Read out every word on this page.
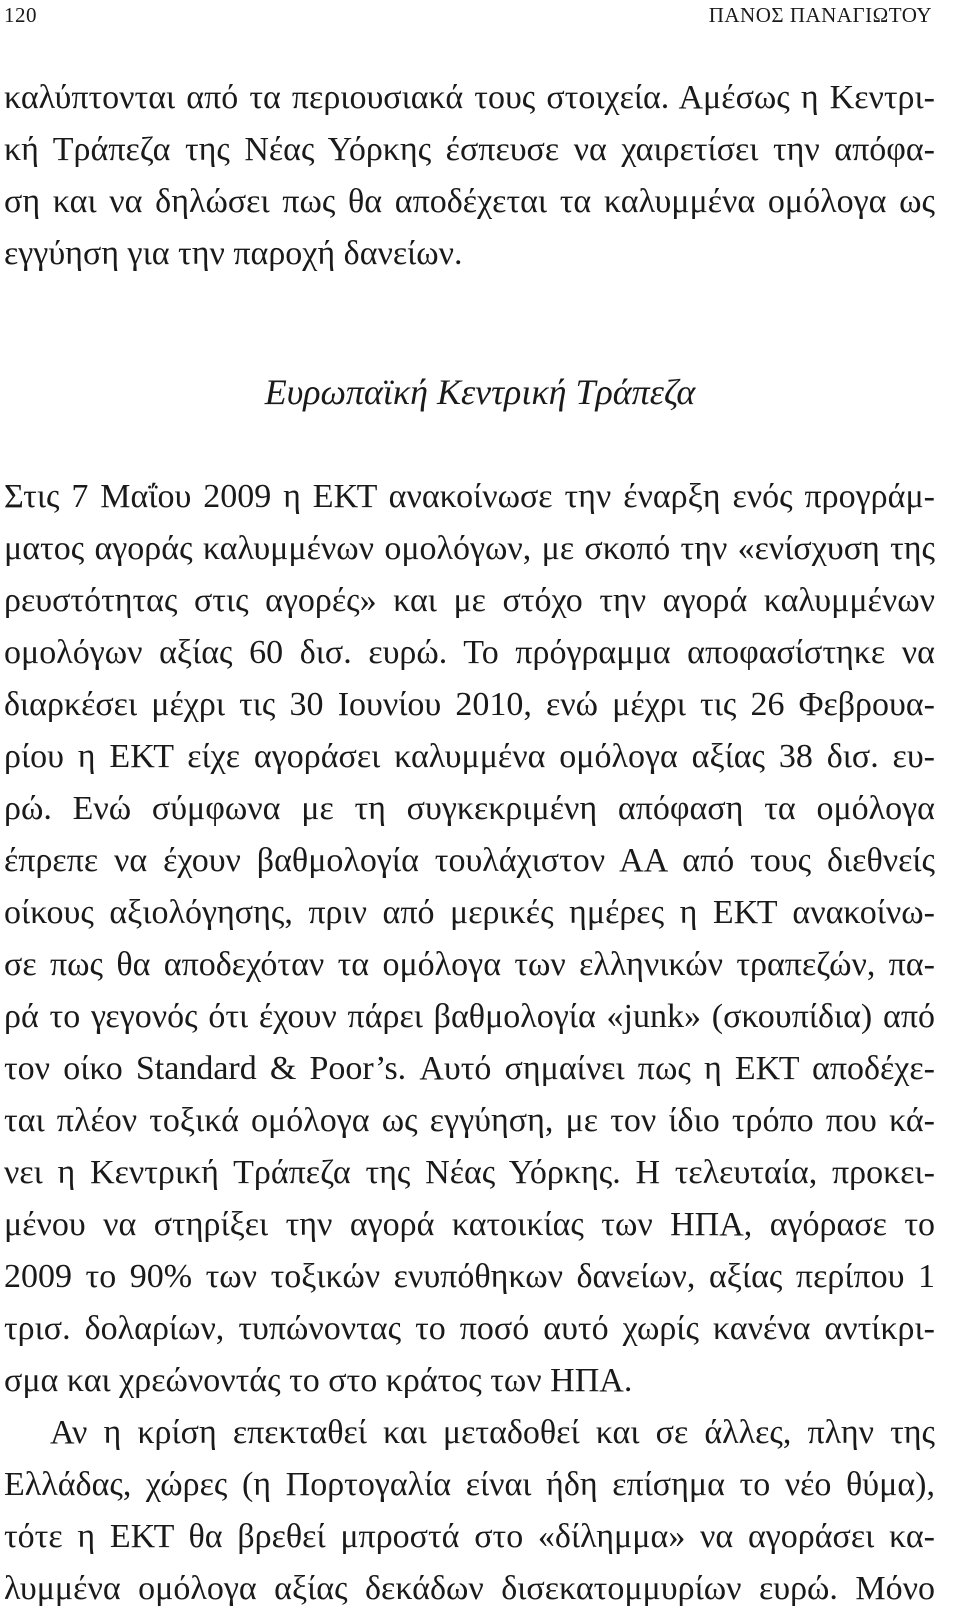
120	ΠΑΝΟΣ ΠΑΝΑΓΙΩΤΟΥ
καλύπτονται από τα περιουσιακά τους στοιχεία. Αμέσως η Κεντρι-
κή Τράπεζα της Νέας Υόρκης έσπευσε να χαιρετίσει την απόφα-
ση και να δηλώσει πως θα αποδέχεται τα καλυμμένα ομόλογα ως
εγγύηση για την παροχή δανείων.
Ευρωπαϊκή Κεντρική Τράπεζα
Στις 7 Μαΐου 2009 η ΕΚΤ ανακοίνωσε την έναρξη ενός προγράμ-
ματος αγοράς καλυμμένων ομολόγων, με σκοπό την «ενίσχυση της
ρευστότητας στις αγορές» και με στόχο την αγορά καλυμμένων
ομολόγων αξίας 60 δισ. ευρώ. Το πρόγραμμα αποφασίστηκε να
διαρκέσει μέχρι τις 30 Ιουνίου 2010, ενώ μέχρι τις 26 Φεβρουα-
ρίου η ΕΚΤ είχε αγοράσει καλυμμένα ομόλογα αξίας 38 δισ. ευ-
ρώ. Ενώ σύμφωνα με τη συγκεκριμένη απόφαση τα ομόλογα
έπρεπε να έχουν βαθμολογία τουλάχιστον ΑΑ από τους διεθνείς
οίκους αξιολόγησης, πριν από μερικές ημέρες η ΕΚΤ ανακοίνω-
σε πως θα αποδεχόταν τα ομόλογα των ελληνικών τραπεζών, πα-
ρά το γεγονός ότι έχουν πάρει βαθμολογία «junk» (σκουπίδια) από
τον οίκο Standard & Poor’s. Αυτό σημαίνει πως η ΕΚΤ αποδέχε-
ται πλέον τοξικά ομόλογα ως εγγύηση, με τον ίδιο τρόπο που κά-
νει η Κεντρική Τράπεζα της Νέας Υόρκης. Η τελευταία, προκει-
μένου να στηρίξει την αγορά κατοικίας των ΗΠΑ, αγόρασε το
2009 το 90% των τοξικών ενυπόθηκων δανείων, αξίας περίπου 1
τρισ. δολαρίων, τυπώνοντας το ποσό αυτό χωρίς κανένα αντίκρι-
σμα και χρεώνοντάς το στο κράτος των ΗΠΑ.
Αν η κρίση επεκταθεί και μεταδοθεί και σε άλλες, πλην της
Ελλάδας, χώρες (η Πορτογαλία είναι ήδη επίσημα το νέο θύμα),
τότε η ΕΚΤ θα βρεθεί μπροστά στο «δίλημμα» να αγοράσει κα-
λυμμένα ομόλογα αξίας δεκάδων δισεκατομμυρίων ευρώ. Μόνο
